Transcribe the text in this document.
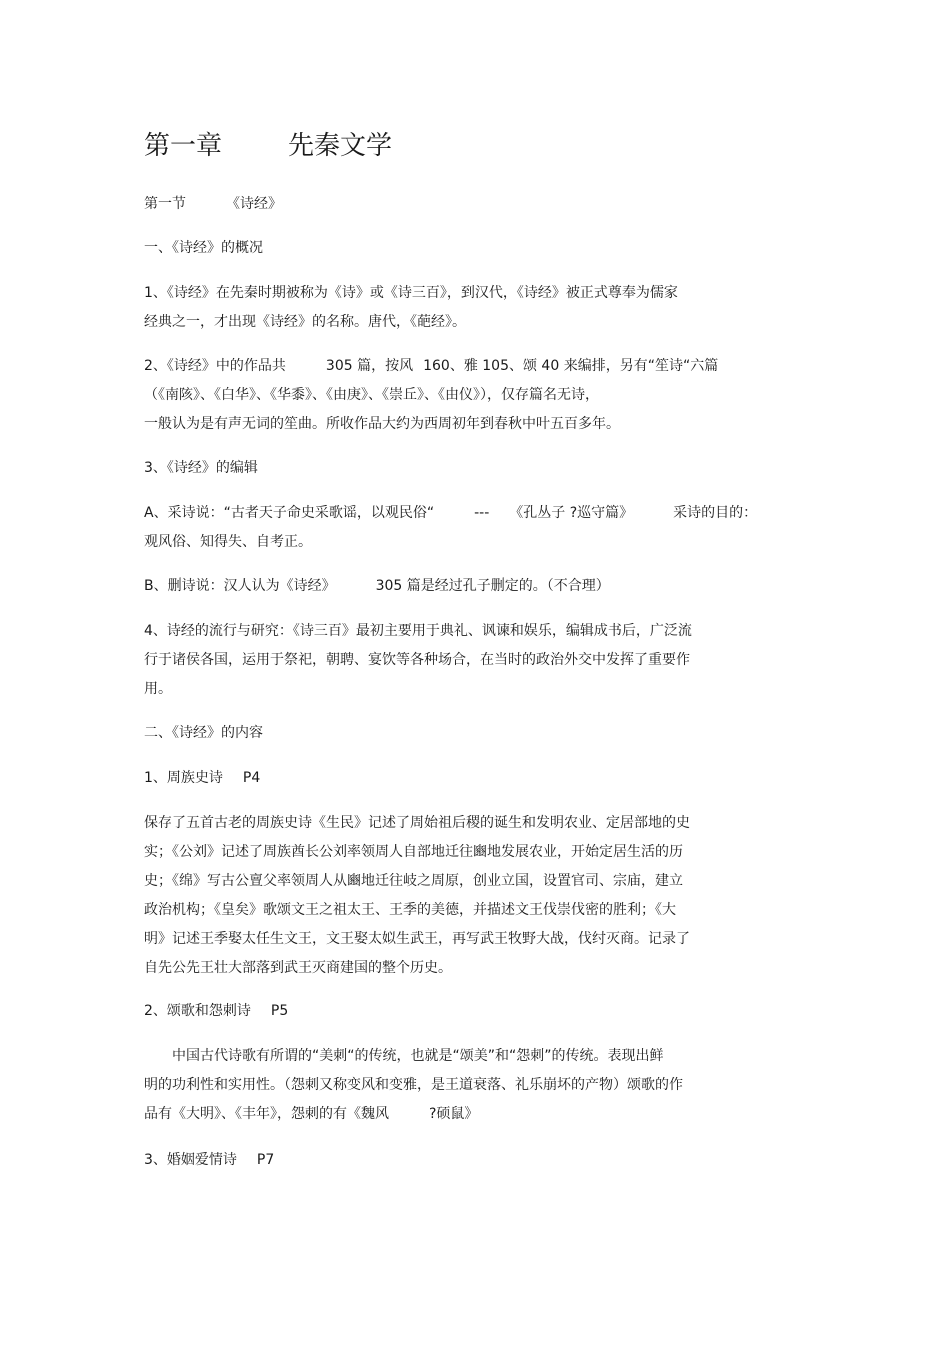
第一章	先秦文学

第一节	《诗经》

一、《诗经》的概况

1、《诗经》在先秦时期被称为《诗》或《诗三百》，到汉代，《诗经》被正式尊奉为儒家
经典之一，才出现《诗经》的名称。唐代，《葩经》。

2、《诗经》中的作品共	305 篇，按风 160、雅 105、颂 40 来编排，另有“笙诗“六篇
（《南陔》、《白华》、《华黍》、《由庚》、《崇丘》、《由仪》），仅存篇名无诗，
一般认为是有声无词的笙曲。所收作品大约为西周初年到春秋中叶五百多年。

3、《诗经》的编辑

A、采诗说：“古者天子命史采歌谣，以观民俗“	--- 《孔丛子 ?巡守篇》	采诗的目的：
观风俗、知得失、自考正。

B、删诗说：汉人认为《诗经》	305 篇是经过孔子删定的。（不合理）

4、诗经的流行与研究：《诗三百》最初主要用于典礼、讽谏和娱乐，编辑成书后，广泛流
行于诸侯各国，运用于祭祀，朝聘、宴饮等各种场合，在当时的政治外交中发挥了重要作
用。

二、《诗经》的内容

1、周族史诗 P4

保存了五首古老的周族史诗《生民》记述了周始祖后稷的诞生和发明农业、定居部地的史
实；《公刘》记述了周族酋长公刘率领周人自部地迁往豳地发展农业，开始定居生活的历
史；《绵》写古公亶父率领周人从豳地迁往岐之周原，创业立国，设置官司、宗庙，建立
政治机构；《皇矣》歌颂文王之祖太王、王季的美德，并描述文王伐崇伐密的胜利；《大
明》记述王季娶太任生文王，文王娶太姒生武王，再写武王牧野大战，伐纣灭商。记录了
自先公先王壮大部落到武王灭商建国的整个历史。

2、颂歌和怨刺诗 P5

中国古代诗歌有所谓的“美刺“的传统，也就是“颂美”和“怨刺”的传统。表现出鲜
明的功利性和实用性。（怨刺又称变风和变雅，是王道衰落、礼乐崩坏的产物）颂歌的作
品有《大明》、《丰年》，怨刺的有《魏风	?硕鼠》

3、婚姻爱情诗 P7
